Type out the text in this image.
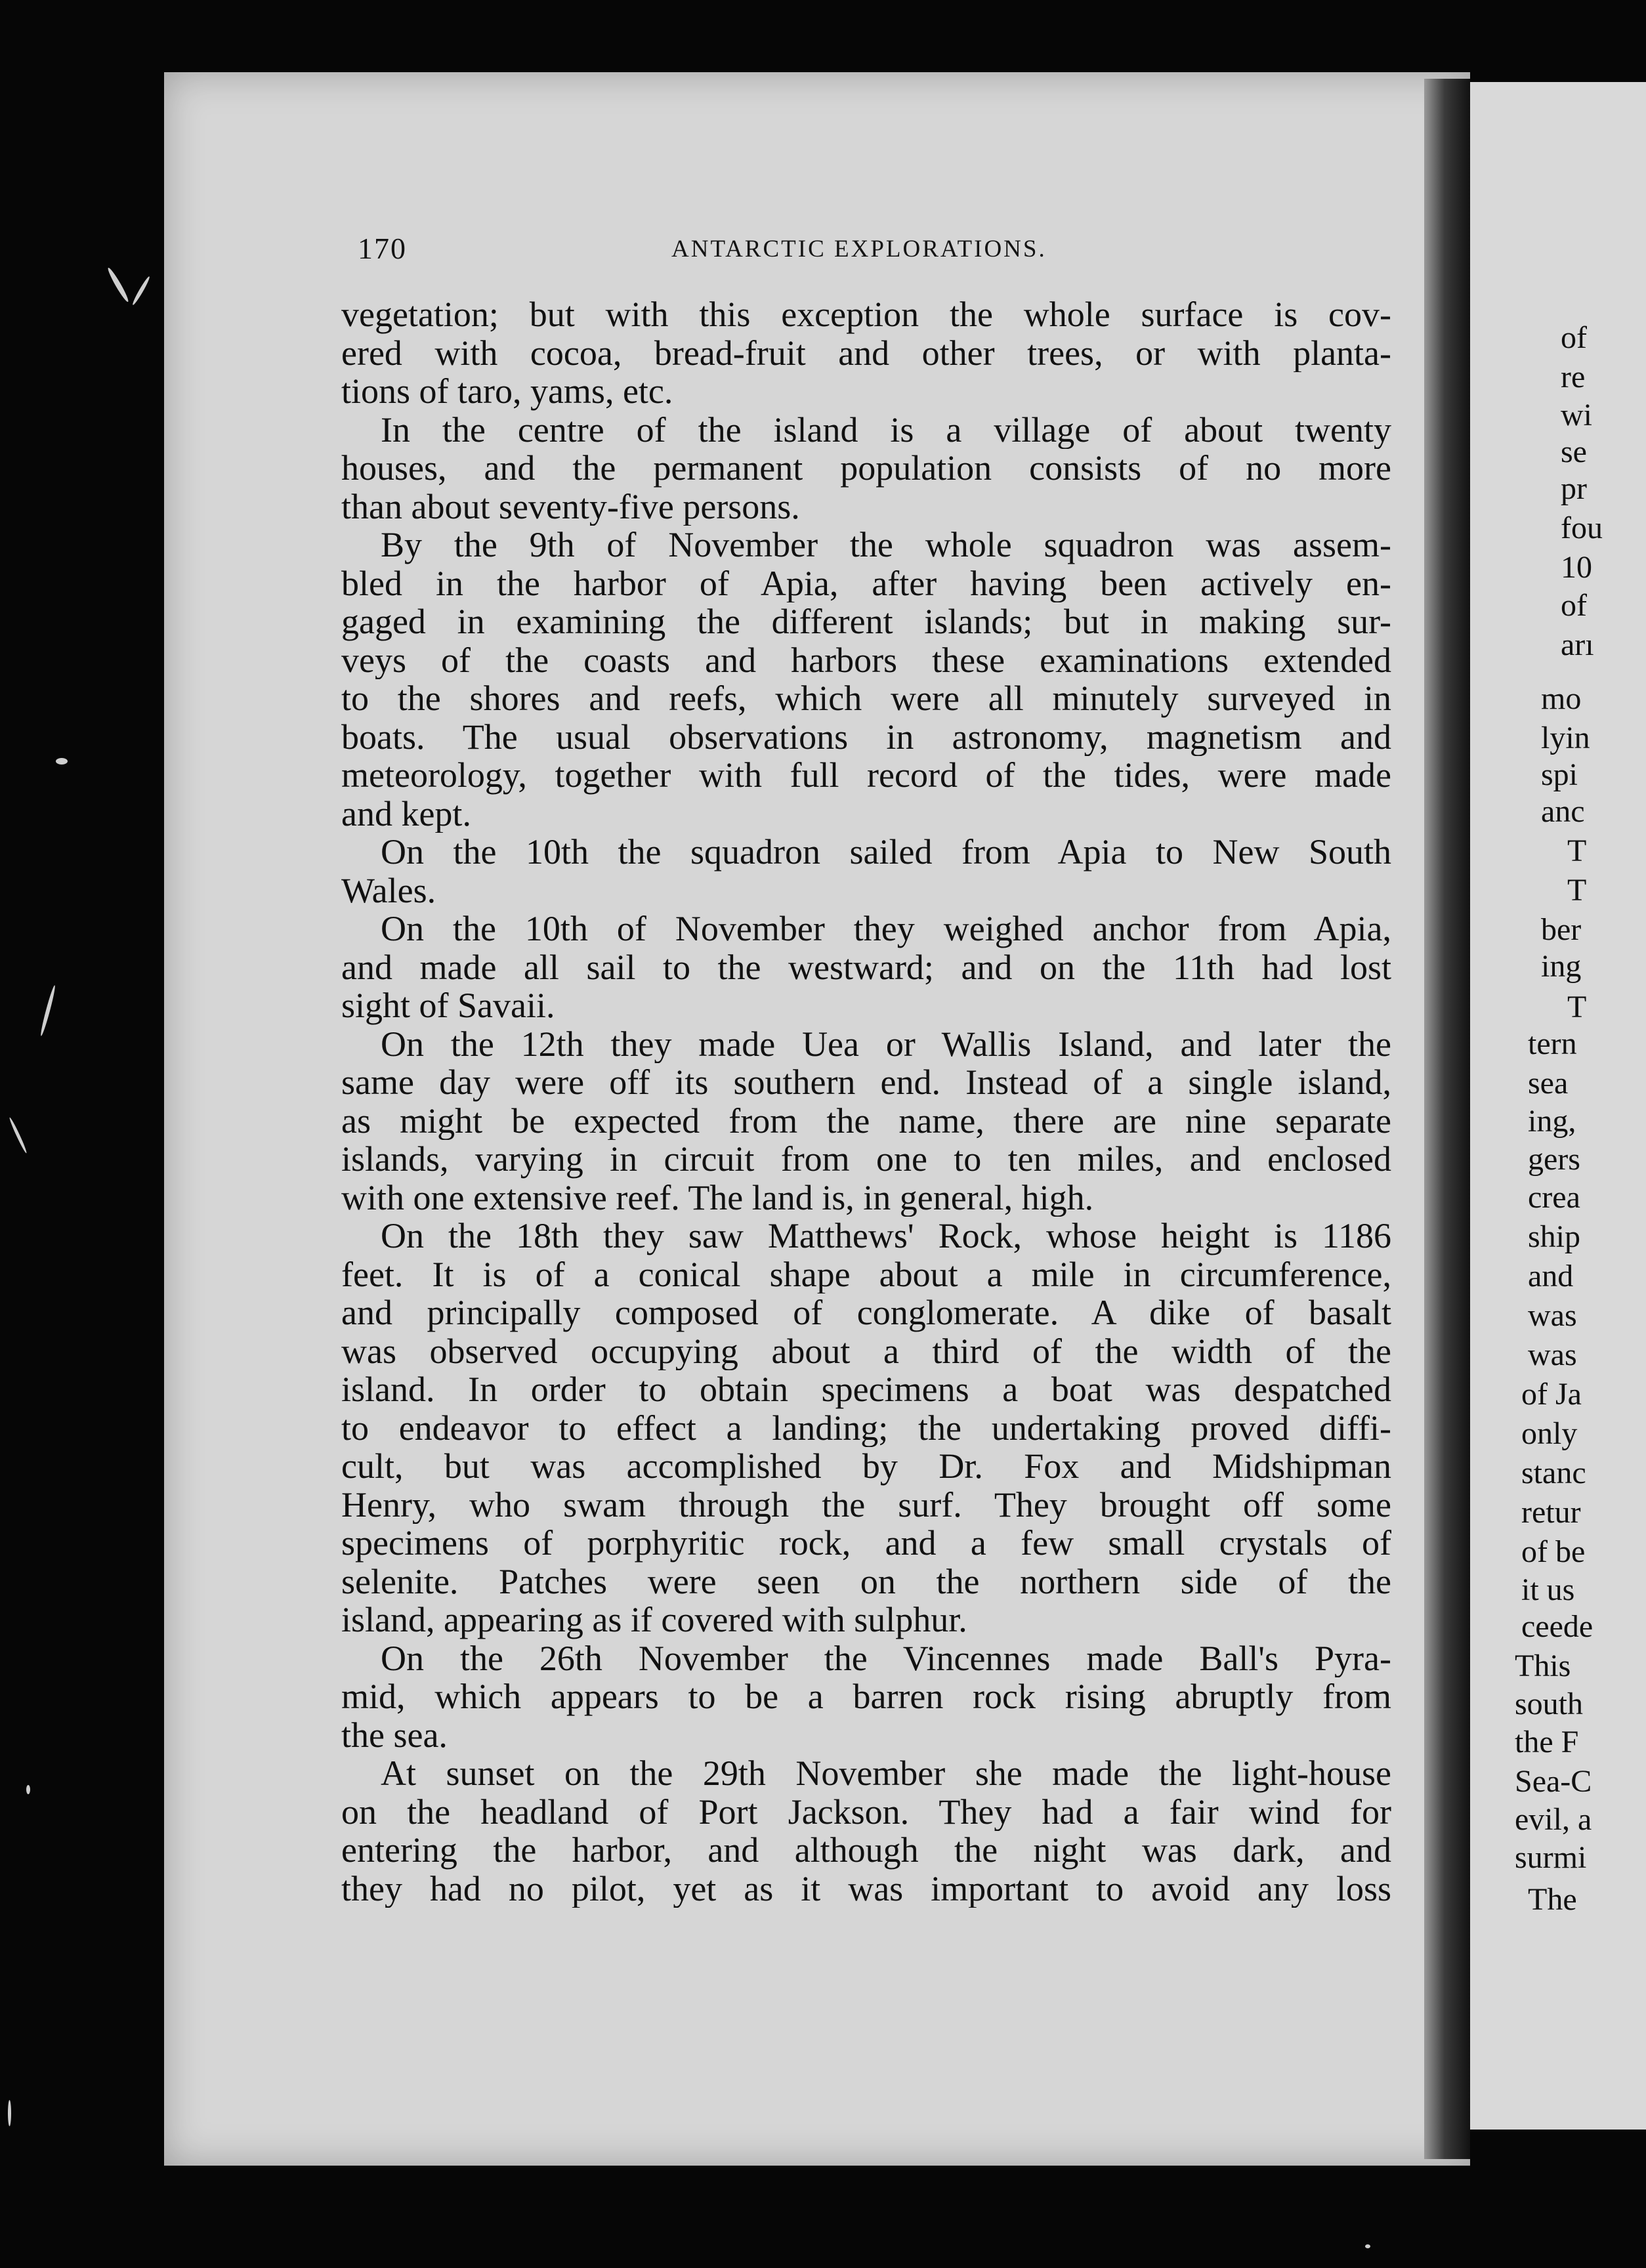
170	ANTARCTIC EXPLORATIONS.
vegetation; but with this exception the whole surface is cov-
ered with cocoa, bread-fruit and other trees, or with planta-
tions of taro, yams, etc.
In the centre of the island is a village of about twenty
houses, and the permanent population consists of no more
than about seventy-five persons.
By the 9th of November the whole squadron was assem-
bled in the harbor of Apia, after having been actively en-
gaged in examining the different islands; but in making sur-
veys of the coasts and harbors these examinations extended
to the shores and reefs, which were all minutely surveyed in
boats. The usual observations in astronomy, magnetism and
meteorology, together with full record of the tides, were made
and kept.
On the 10th the squadron sailed from Apia to New South
Wales.
On the 10th of November they weighed anchor from Apia,
and made all sail to the westward; and on the 11th had lost
sight of Savaii.
On the 12th they made Uea or Wallis Island, and later the
same day were off its southern end. Instead of a single island,
as might be expected from the name, there are nine separate
islands, varying in circuit from one to ten miles, and enclosed
with one extensive reef. The land is, in general, high.
On the 18th they saw Matthews' Rock, whose height is 1186
feet. It is of a conical shape about a mile in circumference,
and principally composed of conglomerate. A dike of basalt
was observed occupying about a third of the width of the
island. In order to obtain specimens a boat was despatched
to endeavor to effect a landing; the undertaking proved diffi-
cult, but was accomplished by Dr. Fox and Midshipman
Henry, who swam through the surf. They brought off some
specimens of porphyritic rock, and a few small crystals of
selenite. Patches were seen on the northern side of the
island, appearing as if covered with sulphur.
On the 26th November the Vincennes made Ball's Pyra-
mid, which appears to be a barren rock rising abruptly from
the sea.
At sunset on the 29th November she made the light-house
on the headland of Port Jackson. They had a fair wind for
entering the harbor, and although the night was dark, and
they had no pilot, yet as it was important to avoid any loss
of
re
wi
se
pr
fou
10
of
arı
mo
lyin
spi
anc
T
T
ber
ing
T
tern
sea
ing,
gers
crea
ship
and
was
was
of Ja
only
stanc
retur
of be
it us
ceede
This
south
the F
Sea-C
evil, a
surmi
The
